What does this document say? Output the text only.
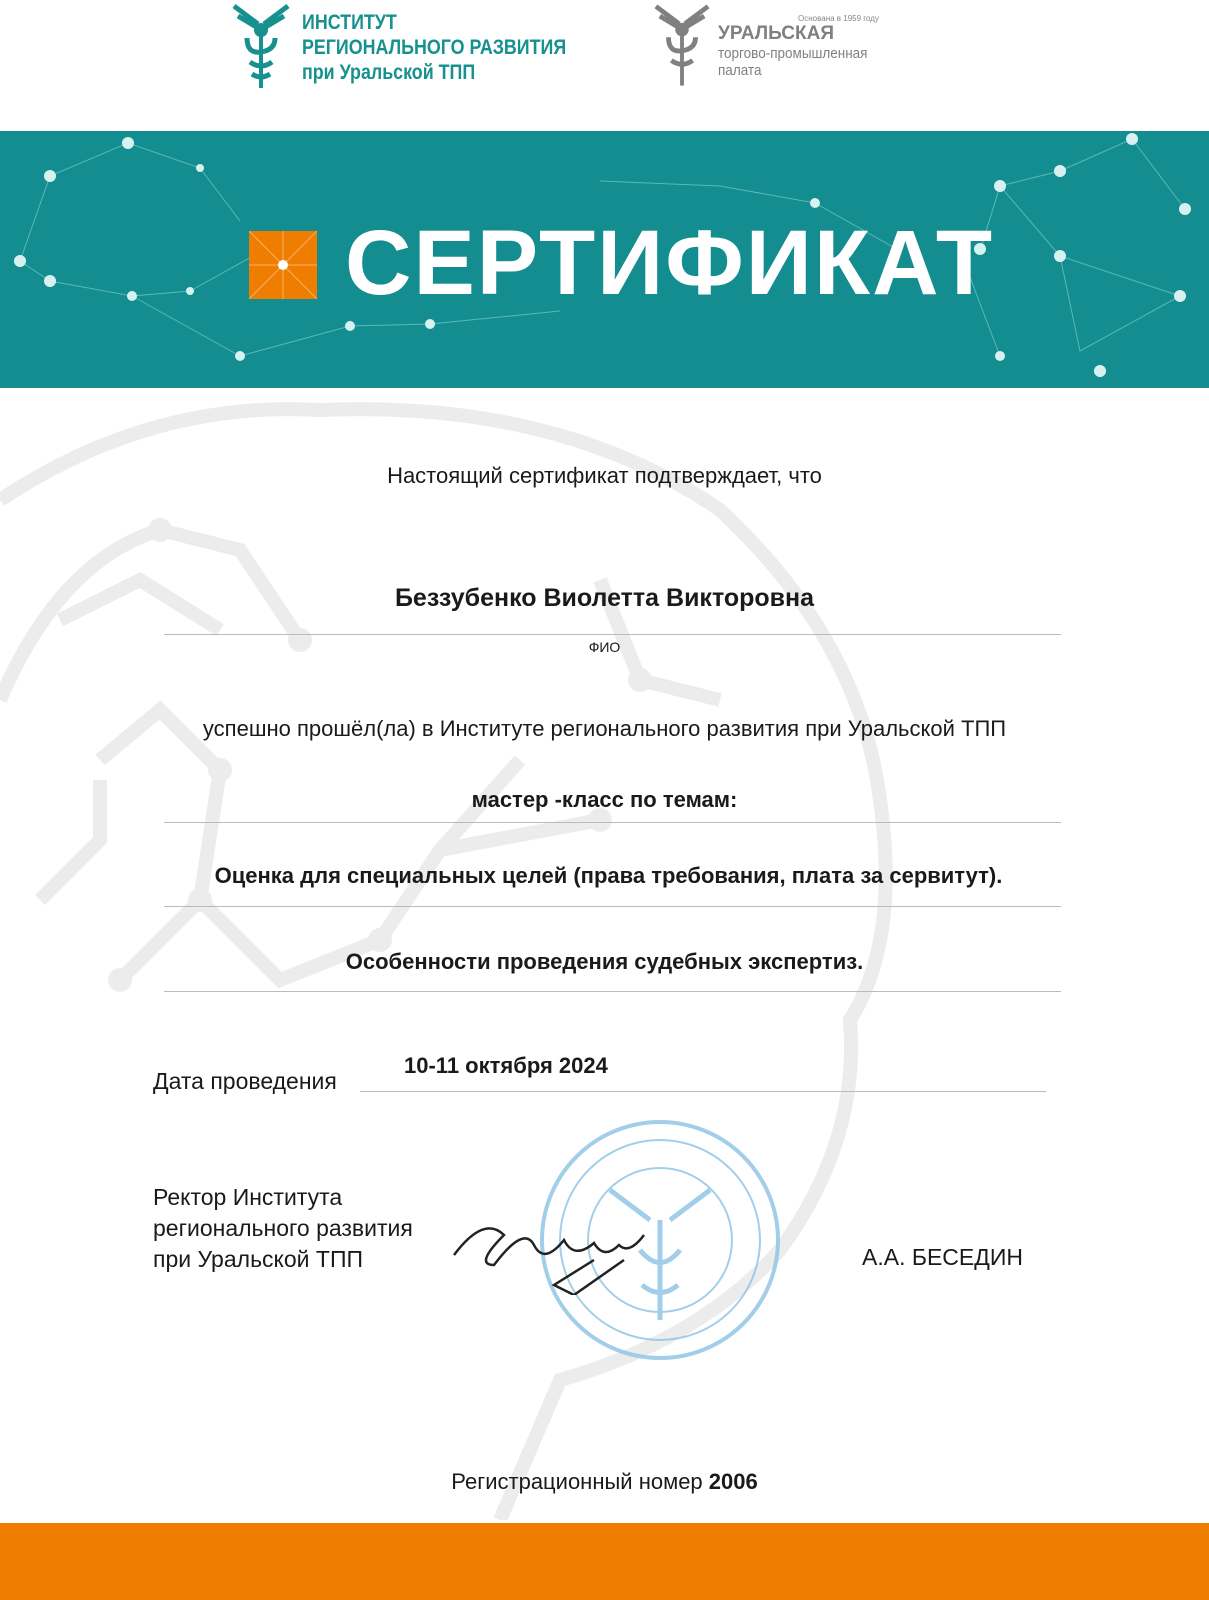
ИНСТИТУТ
РЕГИОНАЛЬНОГО РАЗВИТИЯ
при Уральской ТПП
Основана в 1959 году
УРАЛЬСКАЯ
торгово-промышленная
палата
СЕРТИФИКАТ
Настоящий сертификат подтверждает, что
Беззубенко Виолетта Викторовна
ФИО
успешно прошёл(ла) в Институте регионального развития при Уральской ТПП
мастер -класс по темам:
Оценка для специальных целей (права требования, плата за сервитут).
Особенности проведения судебных экспертиз.
Дата проведения
10-11 октября 2024
Ректор Института
регионального развития
при Уральской ТПП	А.А. БЕСЕДИН
Регистрационный номер 2006
